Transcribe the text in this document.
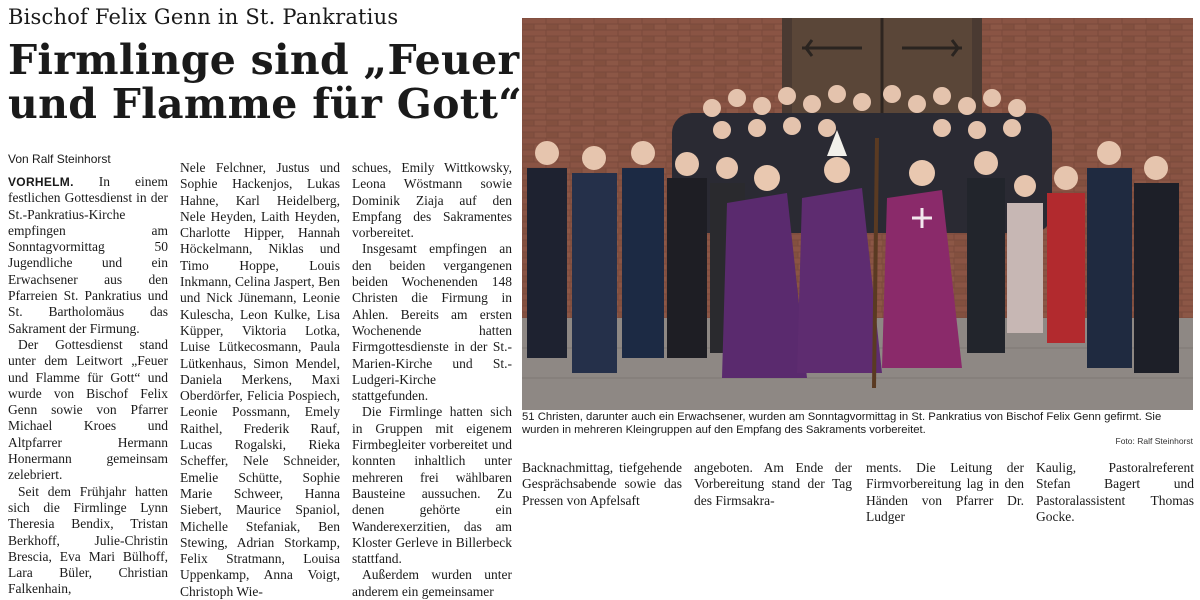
Bischof Felix Genn in St. Pankratius
Firmlinge sind „Feuer
und Flamme für Gott“
Von Ralf Steinhorst

VORHELM. In einem festlichen Gottesdienst in der St.-Pankratius-Kirche empfingen am Sonntagvormittag 50 Jugendliche und ein Erwachsener aus den Pfarreien St. Pankratius und St. Bartholomäus das Sakrament der Firmung.

Der Gottesdienst stand unter dem Leitwort „Feuer und Flamme für Gott“ und wurde von Bischof Felix Genn sowie von Pfarrer Michael Kroes und Altpfarrer Hermann Honermann gemeinsam zelebriert.

Seit dem Frühjahr hatten sich die Firmlinge Lynn Theresia Bendix, Tristan Berkhoff, Julie-Christin Brescia, Eva Mari Bülhoff, Lara Büler, Christian Falkenhain,

Nele Felchner, Justus und Sophie Hackenjos, Lukas Hahne, Karl Heidelberg, Nele Heyden, Laith Heyden, Charlotte Hipper, Hannah Höckelmann, Niklas und Timo Hoppe, Louis Inkmann, Celina Jaspert, Ben und Nick Jünemann, Leonie Kulescha, Leon Kulke, Lisa Küpper, Viktoria Lotka, Luise Lütkecosmann, Paula Lütkenhaus, Simon Mendel, Daniela Merkens, Maxi Oberdörfer, Felicia Pospiech, Leonie Possmann, Emely Raithel, Frederik Rauf, Lucas Rogalski, Rieka Scheffer, Nele Schneider, Emelie Schütte, Sophie Marie Schweer, Hanna Siebert, Maurice Spaniol, Michelle Stefaniak, Ben Stewing, Adrian Storkamp, Felix Stratmann, Louisa Uppenkamp, Anna Voigt, Christoph Wie-

schues, Emily Wittkowsky, Leona Wöstmann sowie Dominik Ziaja auf den Empfang des Sakramentes vorbereitet.

Insgesamt empfingen an den beiden vergangenen beiden Wochenenden 148 Christen die Firmung in Ahlen. Bereits am ersten Wochenende hatten Firmgottesdienste in der St.-Marien-Kirche und St.-Ludgeri-Kirche stattgefunden.

Die Firmlinge hatten sich in Gruppen mit eigenem Firmbegleiter vorbereitet und konnten inhaltlich unter mehreren frei wählbaren Bausteine aussuchen. Zu denen gehörte ein Wanderexerzitien, das am Kloster Gerleve in Billerbeck stattfand.

Außerdem wurden unter anderem ein gemeinsamer

51 Christen, darunter auch ein Erwachsener, wurden am Sonntagvormittag in St. Pankratius von Bischof Felix Genn gefirmt. Sie wurden in mehreren Kleingruppen auf den Empfang des Sakraments vorbereitet.
Foto: Ralf Steinhorst

Backnachmittag, tiefgehende Gesprächsabende sowie das Pressen von Apfelsaft

angeboten. Am Ende der Vorbereitung stand der Tag des Firmsakra-

ments. Die Leitung der Firmvorbereitung lag in den Händen von Pfarrer Dr. Ludger

Kaulig, Pastoralreferent Stefan Bagert und Pastoralassistent Thomas Gocke.
